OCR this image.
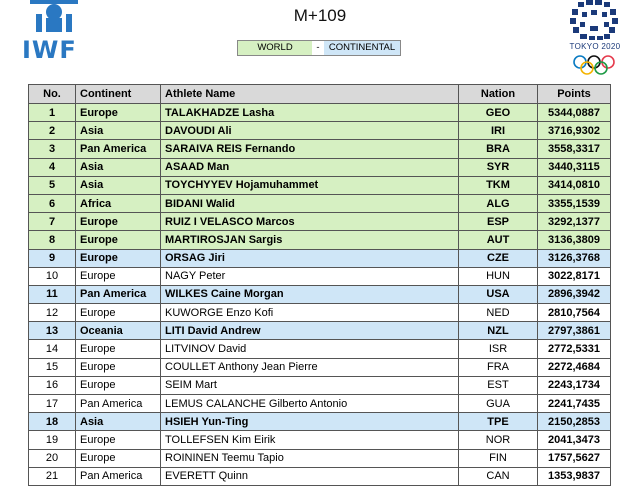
IWF
M+109
WORLD	- CONTINENTAL	TOKYO 2020
No.	Continent	Athlete Name	Nation	Points
1	Europe	TALAKHADZE Lasha	GEO	5344,0887
2	Asia	DAVOUDI Ali	IRI	3716,9302
3	Pan America	SARAIVA REIS Fernando	BRA	3558,3317
4	Asia	ASAAD Man	SYR	3440,3115
5	Asia	TOYCHYYEV Hojamuhammet	TKM	3414,0810
6	Africa	BIDANI Walid	ALG	3355,1539
7	Europe	RUIZ I VELASCO Marcos	ESP	3292,1377
8	Europe	MARTIROSJAN Sargis	AUT	3136,3809
9	Europe	ORSAG Jiri	CZE	3126,3768
10	Europe	NAGY Peter	HUN	3022,8171
11	Pan America	WILKES Caine Morgan	USA	2896,3942
12	Europe	KUWORGE Enzo Kofi	NED	2810,7564
13	Oceania	LITI David Andrew	NZL	2797,3861
14	Europe	LITVINOV David	ISR	2772,5331
15	Europe	COULLET Anthony Jean Pierre	FRA	2272,4684
16	Europe	SEIM Mart	EST	2243,1734
17	Pan America	LEMUS CALANCHE Gilberto Antonio	GUA	2241,7435
18	Asia	HSIEH Yun-Ting	TPE	2150,2853
19	Europe	TOLLEFSEN Kim Eirik	NOR	2041,3473
20	Europe	ROININEN Teemu Tapio	FIN	1757,5627
21	Pan America	EVERETT Quinn	CAN	1353,9837
